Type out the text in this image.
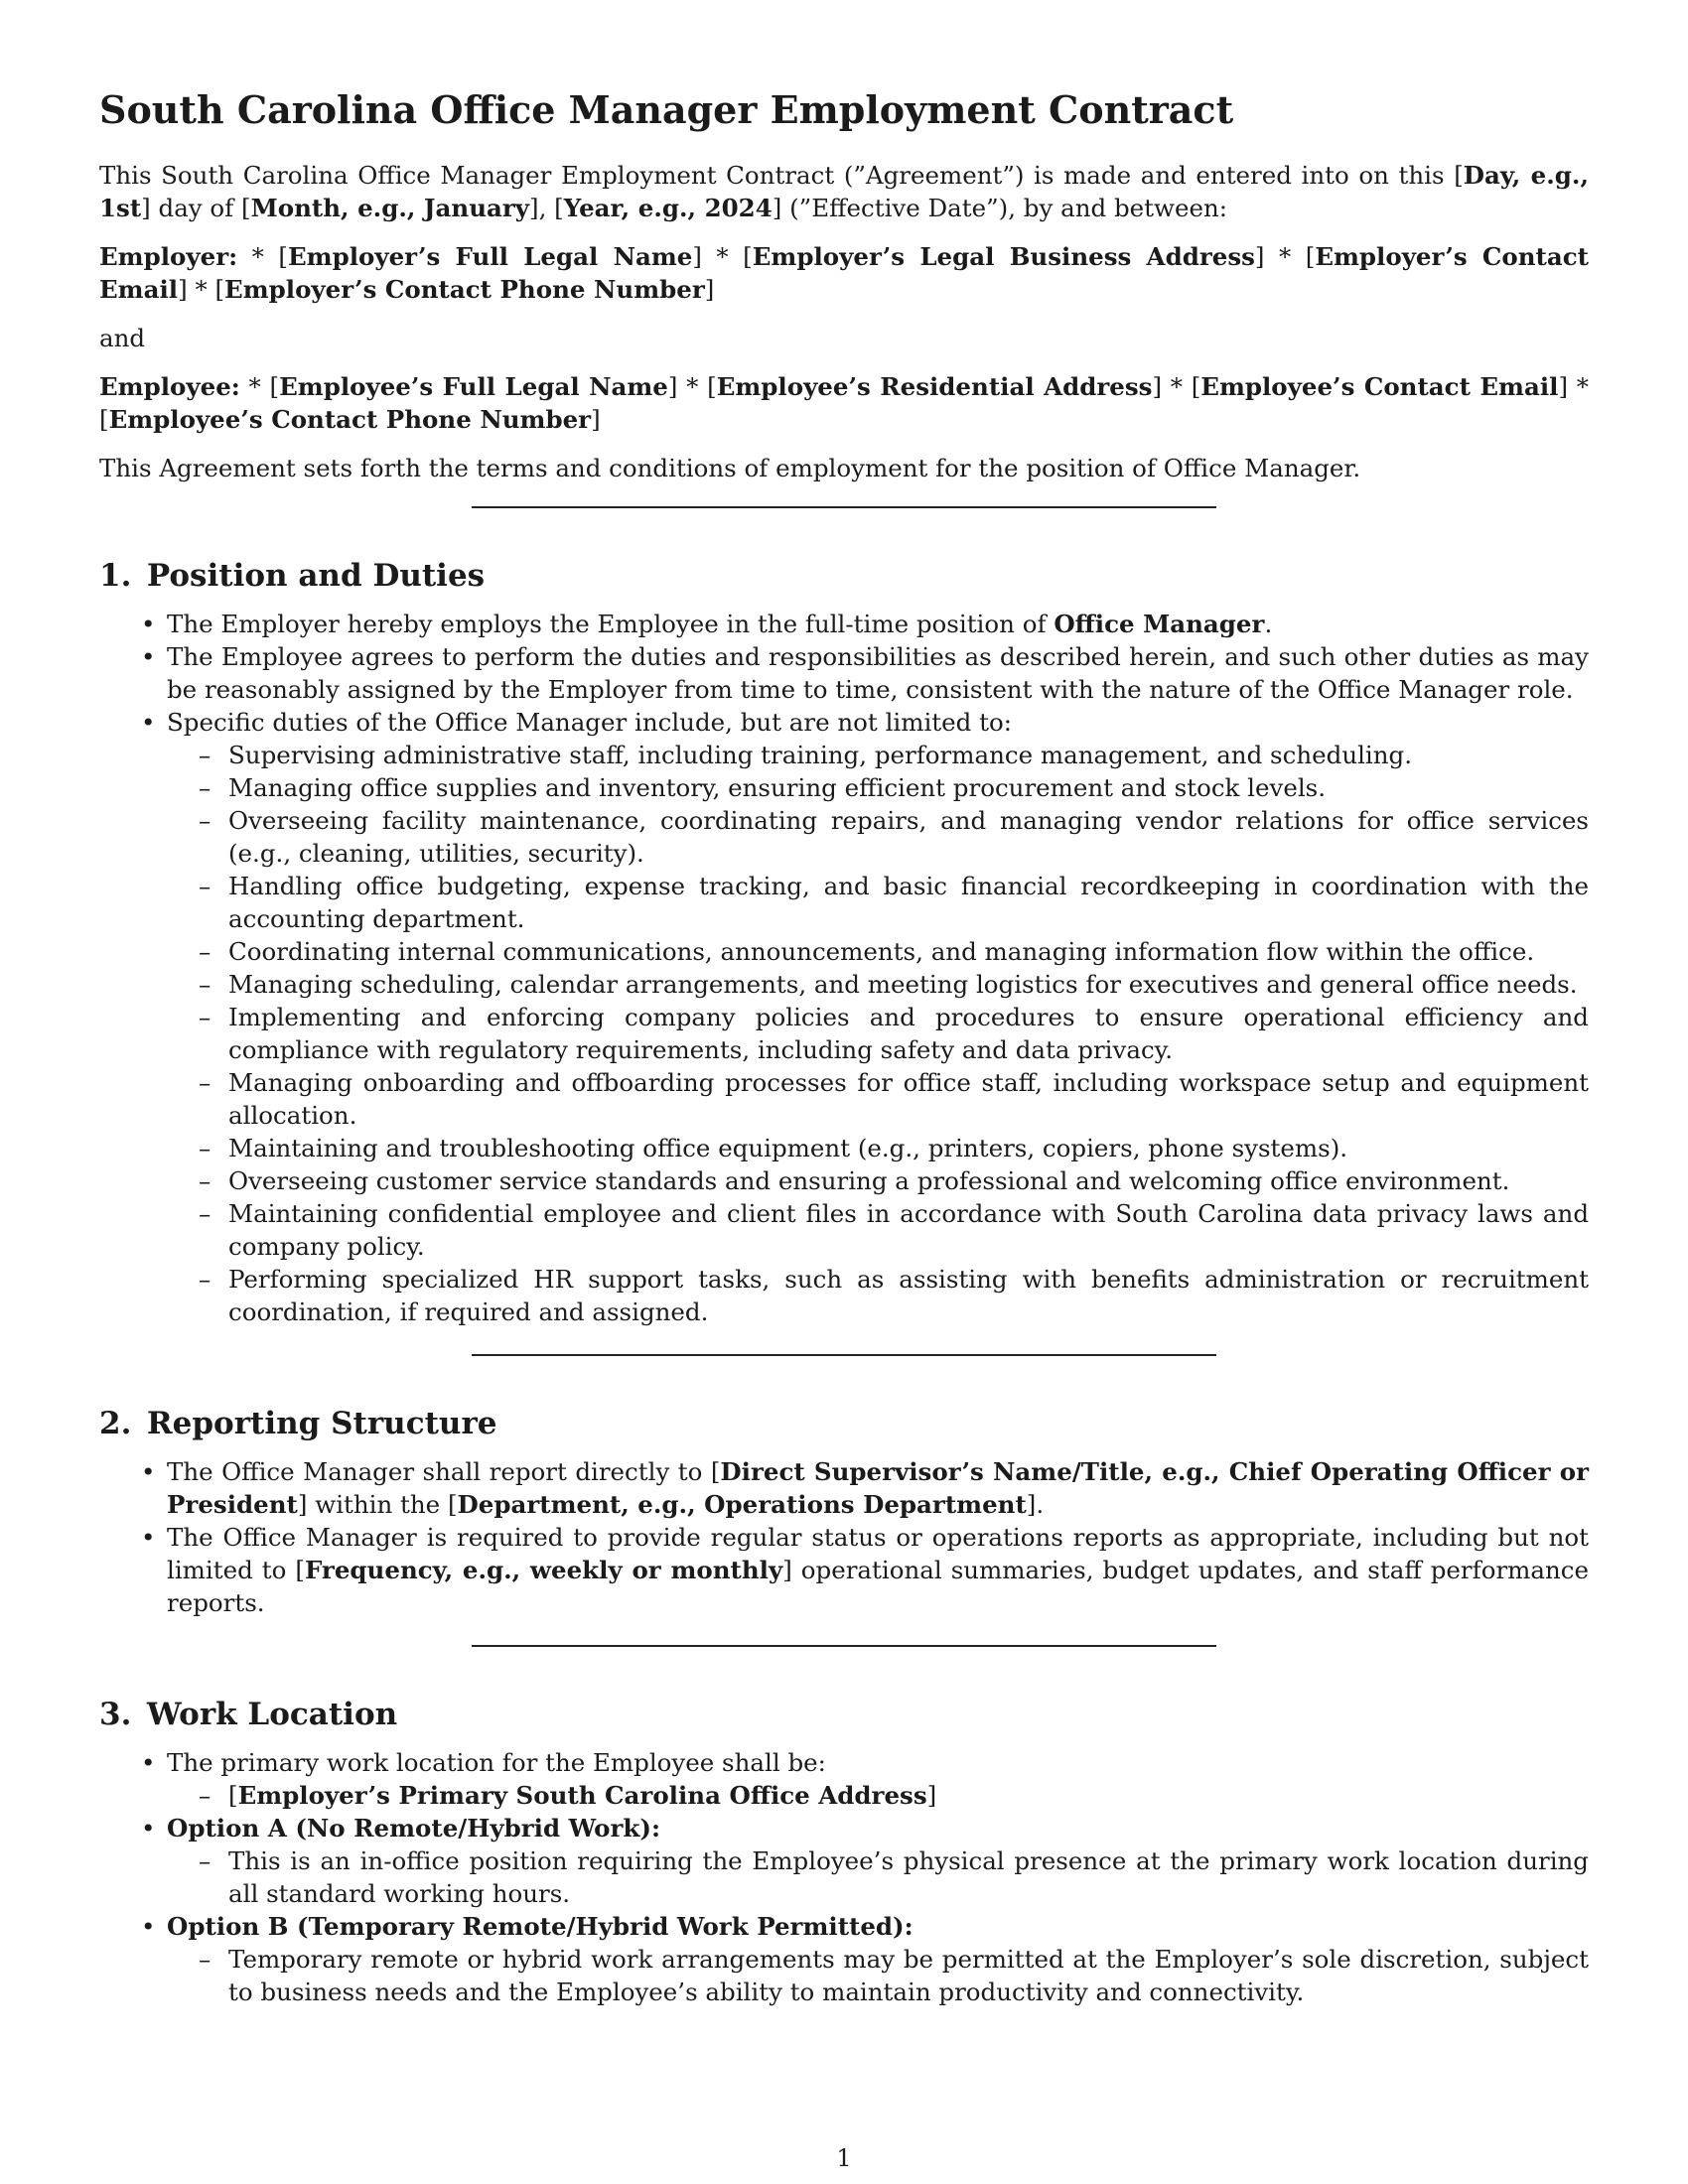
South Carolina Office Manager Employment Contract

This South Carolina Office Manager Employment Contract (”Agreement”) is made and entered into on this [Day, e.g., 1st] day of [Month, e.g., January], [Year, e.g., 2024] (”Effective Date”), by and between:

Employer: * [Employer’s Full Legal Name] * [Employer’s Legal Business Address] * [Employer’s Contact Email] * [Employer’s Contact Phone Number]

and

Employee: * [Employee’s Full Legal Name] * [Employee’s Residential Address] * [Employee’s Contact Email] * [Employee’s Contact Phone Number]

This Agreement sets forth the terms and conditions of employment for the position of Office Manager.

1. Position and Duties
• The Employer hereby employs the Employee in the full-time position of Office Manager.
• The Employee agrees to perform the duties and responsibilities as described herein, and such other duties as may be reasonably assigned by the Employer from time to time, consistent with the nature of the Office Manager role.
• Specific duties of the Office Manager include, but are not limited to:
– Supervising administrative staff, including training, performance management, and scheduling.
– Managing office supplies and inventory, ensuring efficient procurement and stock levels.
– Overseeing facility maintenance, coordinating repairs, and managing vendor relations for office services (e.g., cleaning, utilities, security).
– Handling office budgeting, expense tracking, and basic financial recordkeeping in coordination with the accounting department.
– Coordinating internal communications, announcements, and managing information flow within the office.
– Managing scheduling, calendar arrangements, and meeting logistics for executives and general office needs.
– Implementing and enforcing company policies and procedures to ensure operational efficiency and compliance with regulatory requirements, including safety and data privacy.
– Managing onboarding and offboarding processes for office staff, including workspace setup and equipment allocation.
– Maintaining and troubleshooting office equipment (e.g., printers, copiers, phone systems).
– Overseeing customer service standards and ensuring a professional and welcoming office environment.
– Maintaining confidential employee and client files in accordance with South Carolina data privacy laws and company policy.
– Performing specialized HR support tasks, such as assisting with benefits administration or recruitment coordination, if required and assigned.
2. Reporting Structure
• The Office Manager shall report directly to [Direct Supervisor’s Name/Title, e.g., Chief Operating Officer or President] within the [Department, e.g., Operations Department].
• The Office Manager is required to provide regular status or operations reports as appropriate, including but not limited to [Frequency, e.g., weekly or monthly] operational summaries, budget updates, and staff performance reports.
3. Work Location
• The primary work location for the Employee shall be:
– [Employer’s Primary South Carolina Office Address]
• Option A (No Remote/Hybrid Work):
– This is an in-office position requiring the Employee’s physical presence at the primary work location during all standard working hours.
• Option B (Temporary Remote/Hybrid Work Permitted):
– Temporary remote or hybrid work arrangements may be permitted at the Employer’s sole discretion, subject to business needs and the Employee’s ability to maintain productivity and connectivity.
1
